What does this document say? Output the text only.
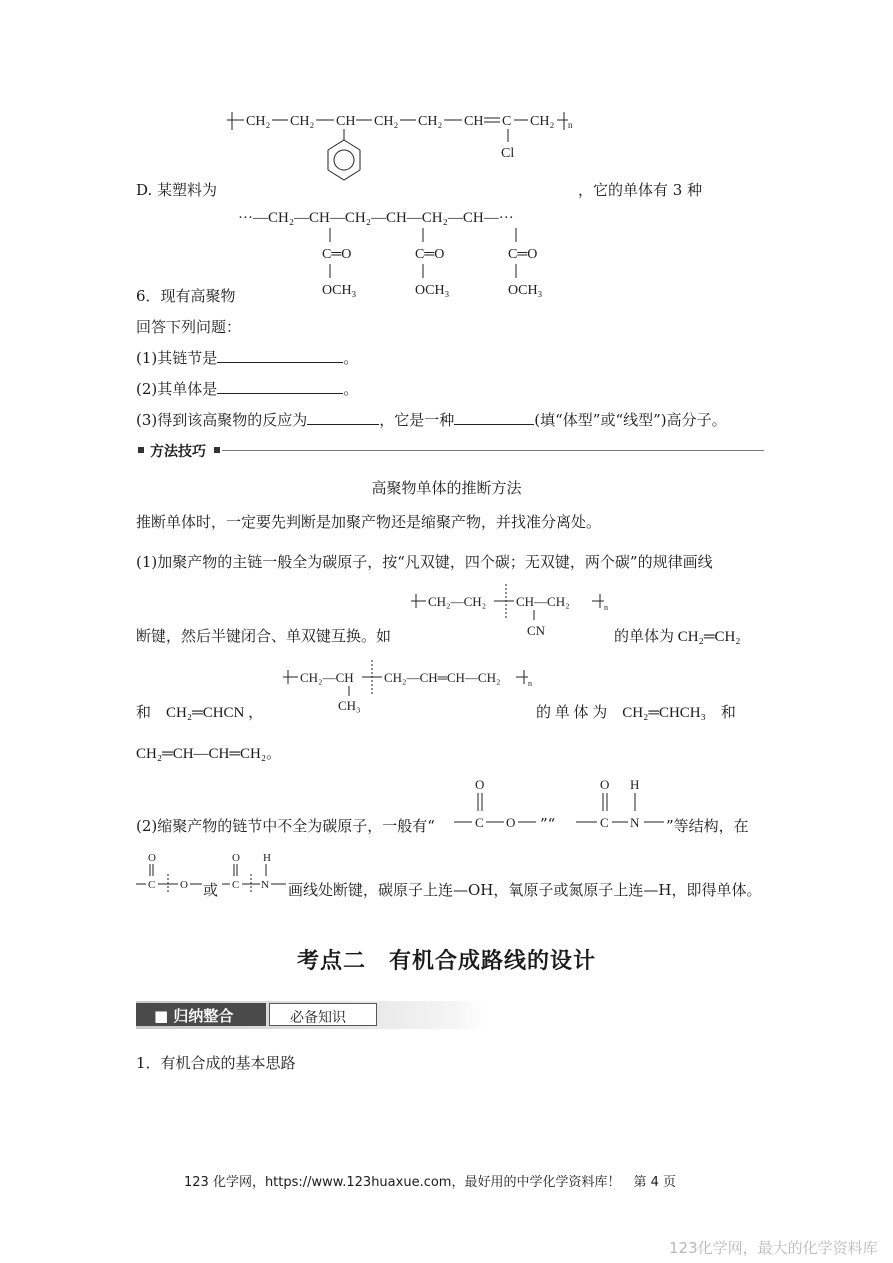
CH₂ CH₂ CH CH₂ CH₂ CH C CH₂ n
Cl
D. 某塑料为	，它的单体有 3 种
···—CH₂—CH—CH₂—CH—CH₂—CH—···
C═O	C═O	C═O
OCH₃	OCH₃	OCH₃
6．现有高聚物
回答下列问题：
(1)其链节是	。
(2)其单体是	。
(3)得到该高聚物的反应为	，它是一种	(填“体型”或“线型”)高分子。
方法技巧
高聚物单体的推断方法
推断单体时，一定要先判断是加聚产物还是缩聚产物，并找准分离处。
(1)加聚产物的主链一般全为碳原子，按“凡双键，四个碳；无双键，两个碳”的规律画线
CH₂—CH₂ CH—CH₂	n
CN
断键，然后半键闭合、单双键互换。如	的单体为 CH₂═CH₂
CH₂—CH CH₂—CH═CH—CH₂	n
CH₃
和　CH₂═CHCN ，	的 单 体 为　CH₂═CHCH₃　和
CH₂═CH—CH═CH₂。
O
C O
O H
C N
(2)缩聚产物的链节中不全为碳原子，一般有“	”“	”等结构，在
O
C O 或
O H
C N 画线处断键，碳原子上连—OH，氧原子或氮原子上连—H，即得单体。
考点二　有机合成路线的设计
■ 归纳整合	必备知识
1．有机合成的基本思路
123 化学网，https://www.123huaxue.com，最好用的中学化学资料库！　第 4 页
123化学网，最大的化学资料库
